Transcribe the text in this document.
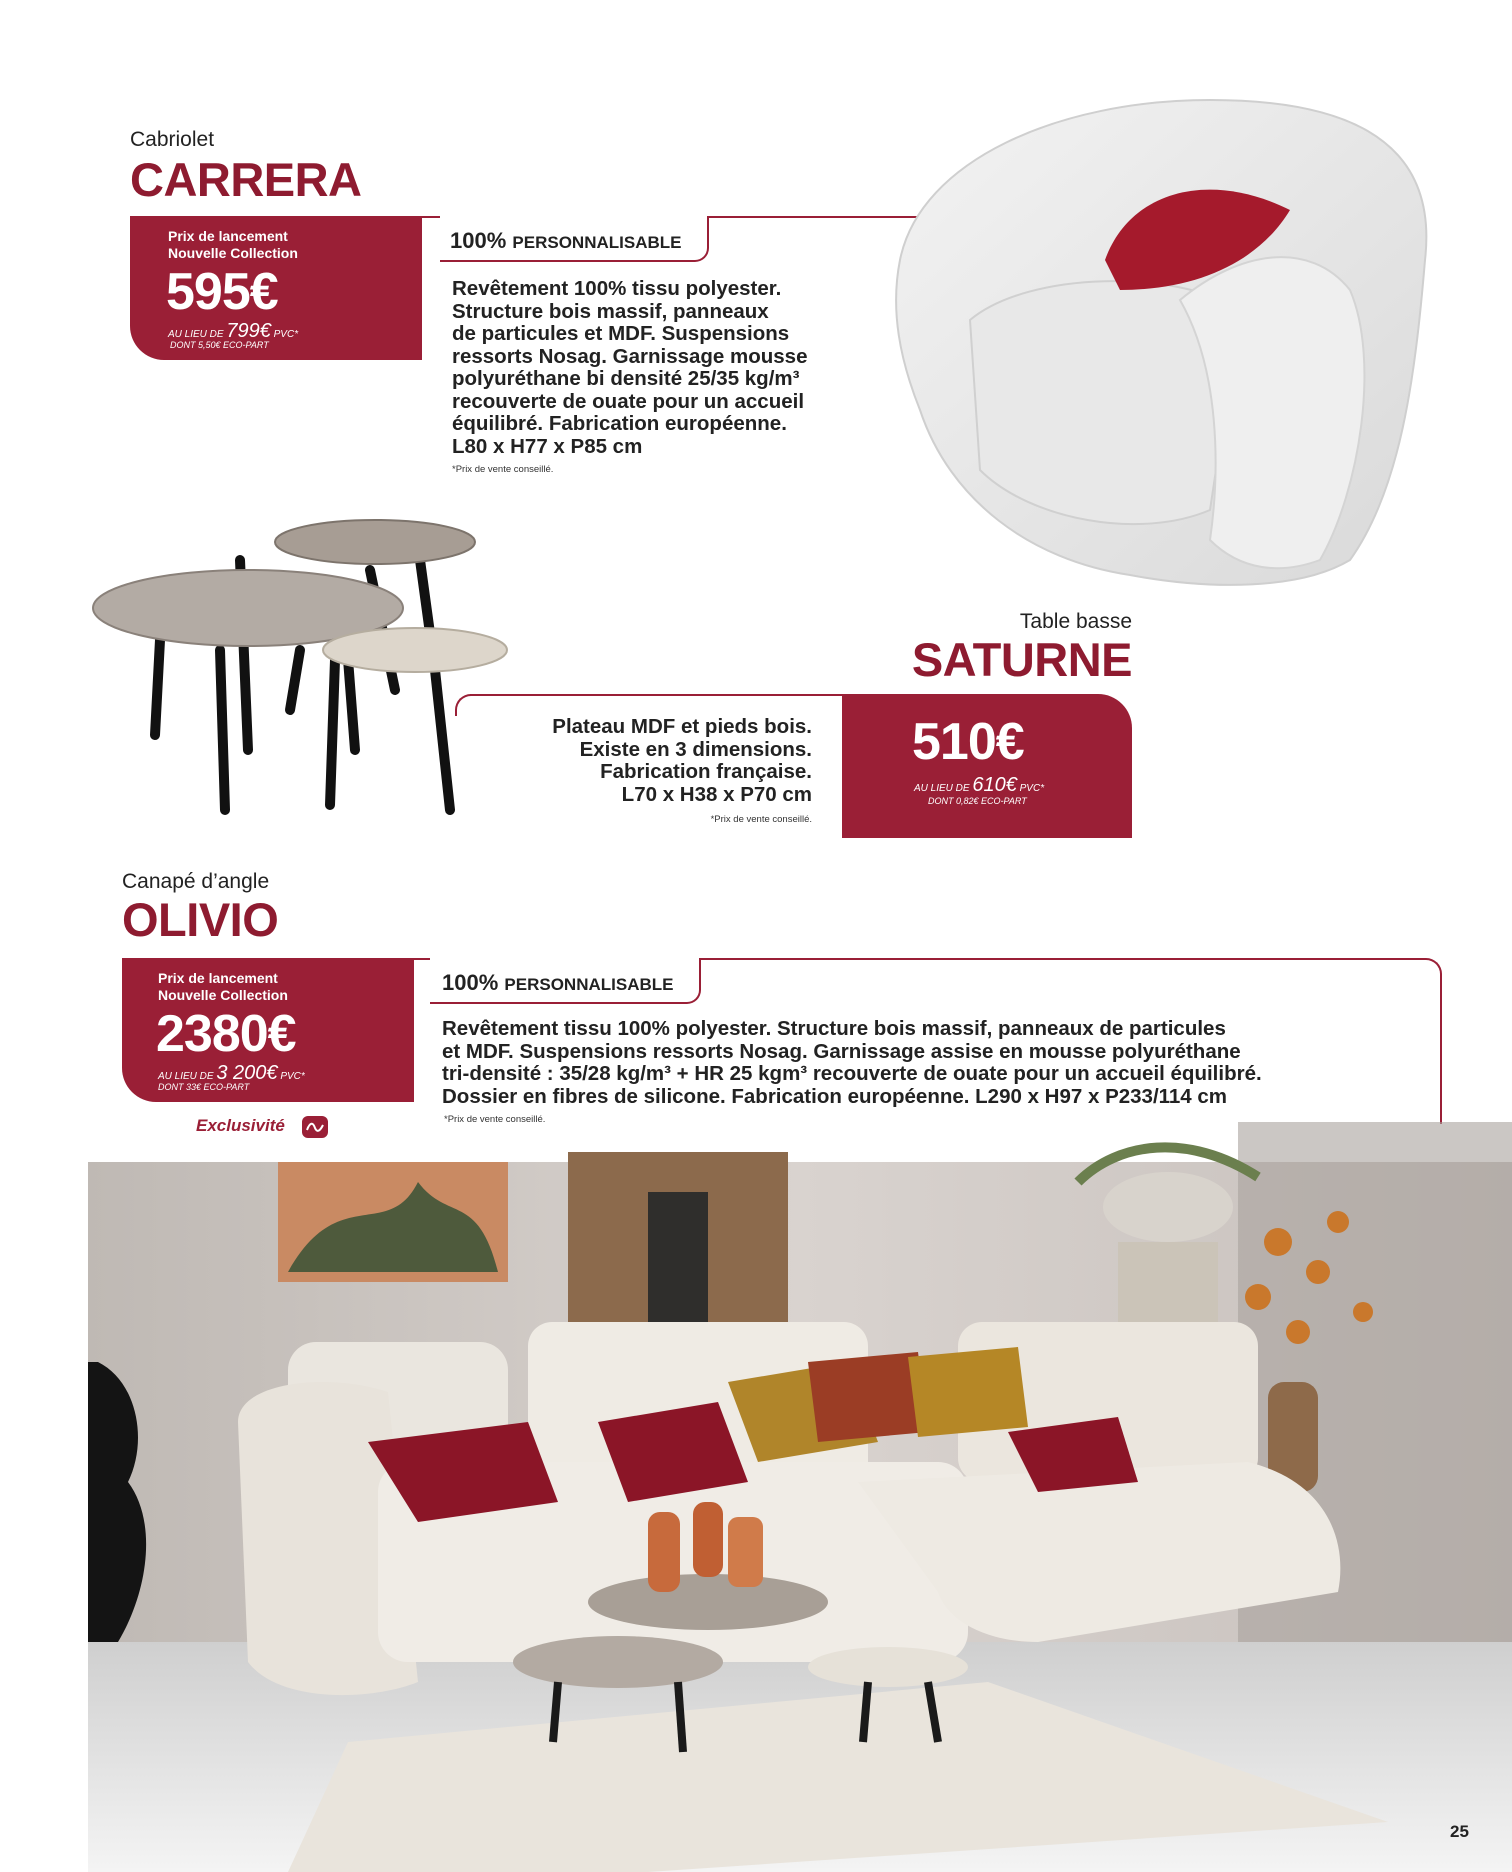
Cabriolet
CARRERA
Prix de lancement
Nouvelle Collection
595€
AU LIEU DE 799€ PVC*
DONT 5,50€ ECO-PART
100% PERSONNALISABLE
Revêtement 100% tissu polyester.
Structure bois massif, panneaux
de particules et MDF. Suspensions
ressorts Nosag. Garnissage mousse
polyuréthane bi densité 25/35 kg/m³
recouverte de ouate pour un accueil
équilibré. Fabrication européenne.
L80 x H77 x P85 cm
*Prix de vente conseillé.
Table basse
SATURNE
Plateau MDF et pieds bois.
Existe en 3 dimensions.
Fabrication française.
L70 x H38 x P70 cm
*Prix de vente conseillé.
510€
AU LIEU DE 610€ PVC*
DONT 0,82€ ECO-PART
Canapé d’angle
OLIVIO
Prix de lancement
Nouvelle Collection
2380€
AU LIEU DE 3 200€ PVC*
DONT 33€ ECO-PART
100% PERSONNALISABLE
Revêtement tissu 100% polyester. Structure bois massif, panneaux de particules
et MDF. Suspensions ressorts Nosag. Garnissage assise en mousse polyuréthane
tri-densité : 35/28 kg/m³ + HR 25 kgm³ recouverte de ouate pour un accueil équilibré.
Dossier en fibres de silicone. Fabrication européenne. L290 x H97 x P233/114 cm
*Prix de vente conseillé.
Exclusivité
25
